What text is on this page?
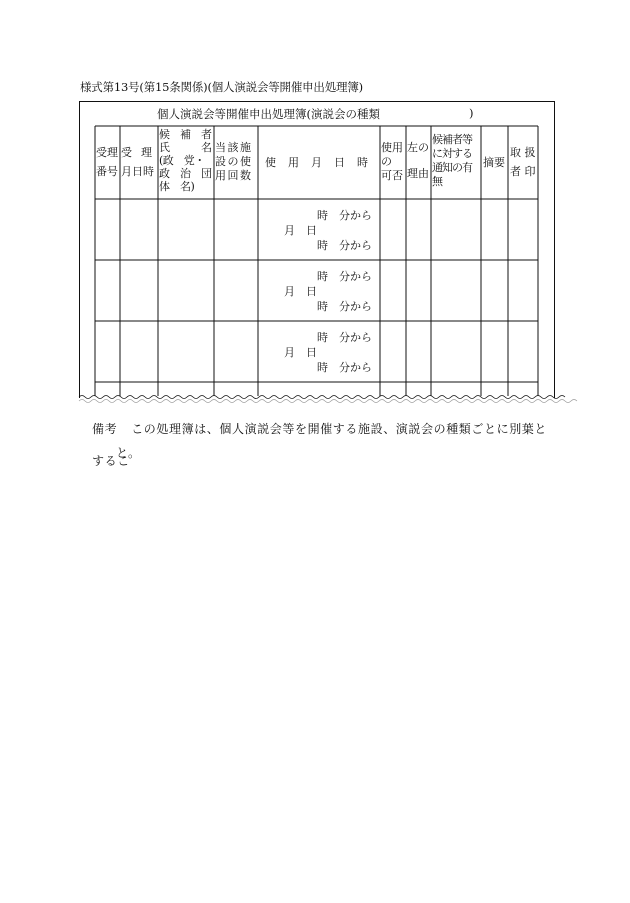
様式第13号(第15条関係)(個人演説会等開催申出処理簿)
個人演説会等開催申出処理簿(演説会の種類	)
受理
番号
受　理
月日時
候　補　者
氏　　　名
(政　党・
政　治　団
体　名)
当 該 施
設 の 使
用 回 数
使　用　月　日　時
使用
の
可否
左の
理由
候補者等
に対する
通知の有
無
摘要
取 扱
者 印
時　分から
月　日
時　分から
時　分から
月　日
時　分から
時　分から
月　日
時　分から
備考 この処理簿は、個人演説会等を開催する施設、演説会の種類ごとに別葉とするこ
と。
